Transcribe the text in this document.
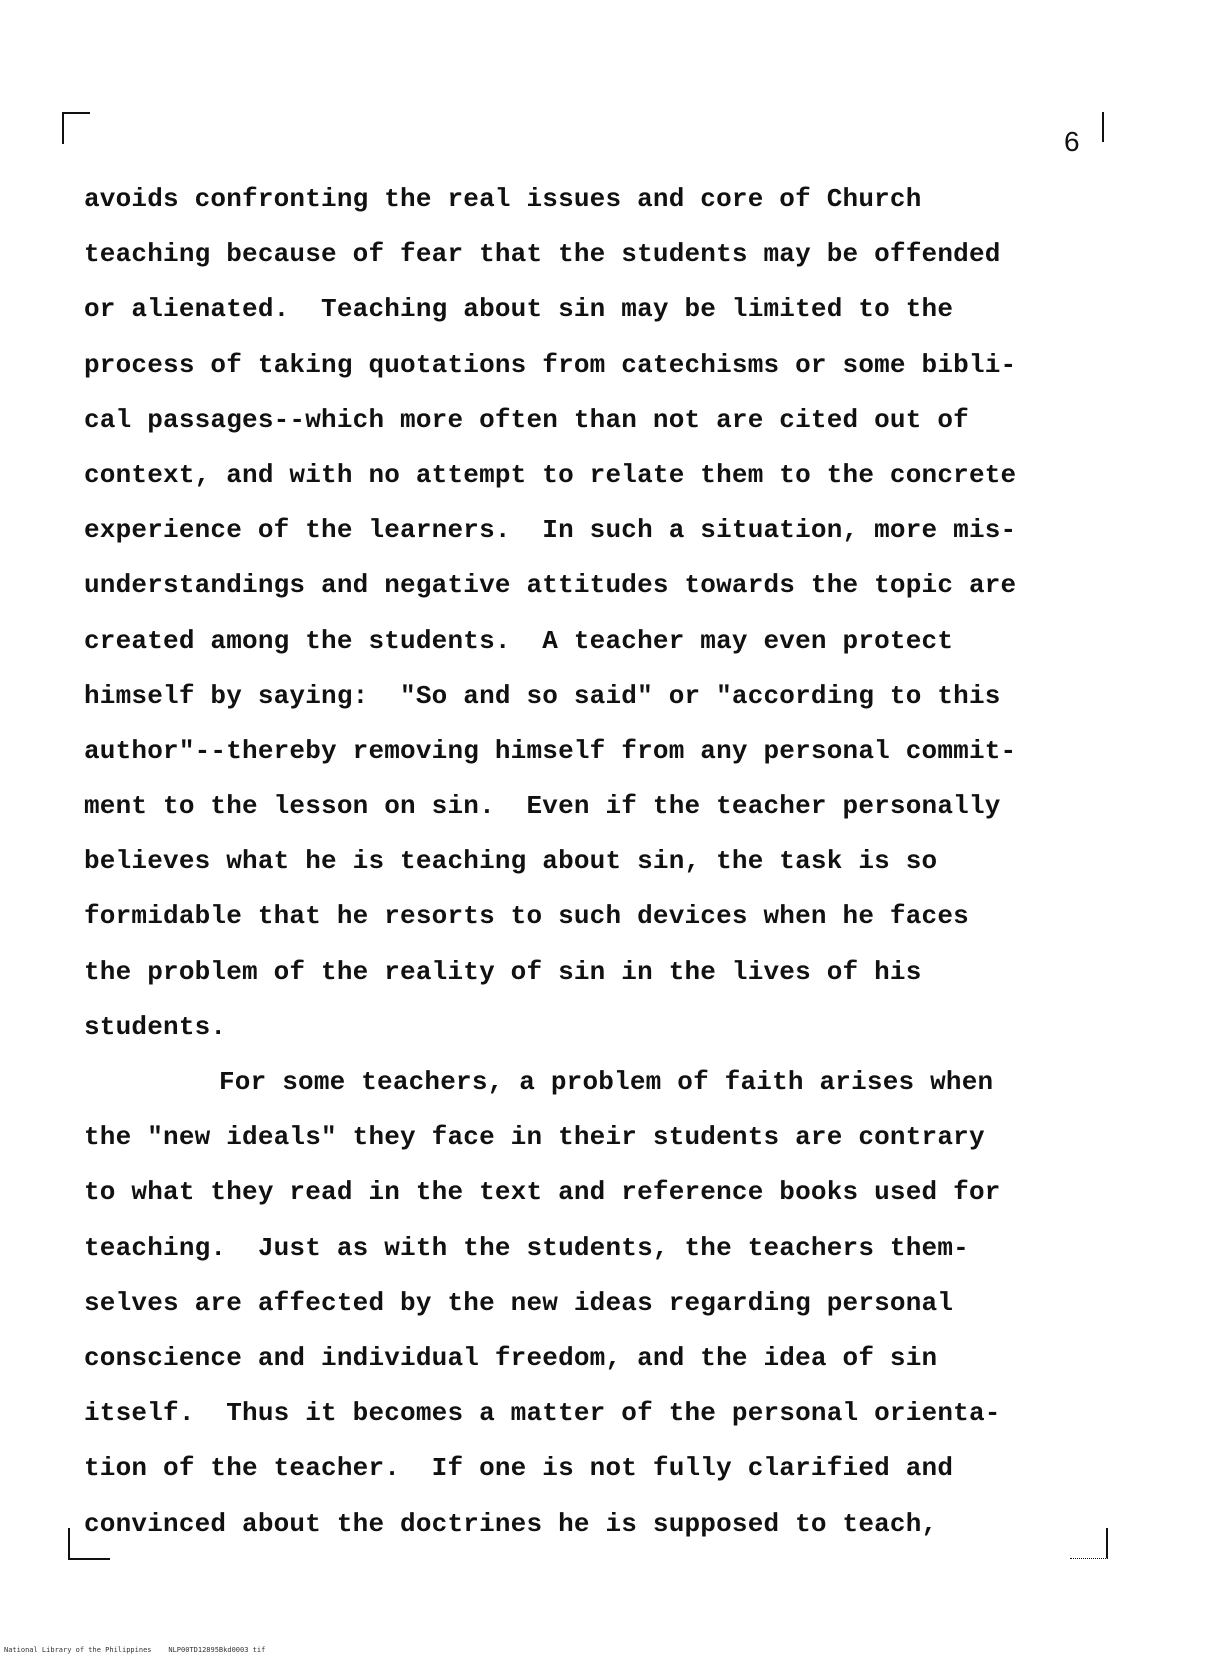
6
avoids confronting the real issues and core of Church
teaching because of fear that the students may be offended
or alienated.  Teaching about sin may be limited to the
process of taking quotations from catechisms or some bibli-
cal passages--which more often than not are cited out of
context, and with no attempt to relate them to the concrete
experience of the learners.  In such a situation, more mis-
understandings and negative attitudes towards the topic are
created among the students.  A teacher may even protect
himself by saying:  "So and so said" or "according to this
author"--thereby removing himself from any personal commit-
ment to the lesson on sin.  Even if the teacher personally
believes what he is teaching about sin, the task is so
formidable that he resorts to such devices when he faces
the problem of the reality of sin in the lives of his
students.
For some teachers, a problem of faith arises when
the "new ideals" they face in their students are contrary
to what they read in the text and reference books used for
teaching.  Just as with the students, the teachers them-
selves are affected by the new ideas regarding personal
conscience and individual freedom, and the idea of sin
itself.  Thus it becomes a matter of the personal orienta-
tion of the teacher.  If one is not fully clarified and
convinced about the doctrines he is supposed to teach,
National Library of the Philippines    NLP00TD12895Bkd0003 tif
